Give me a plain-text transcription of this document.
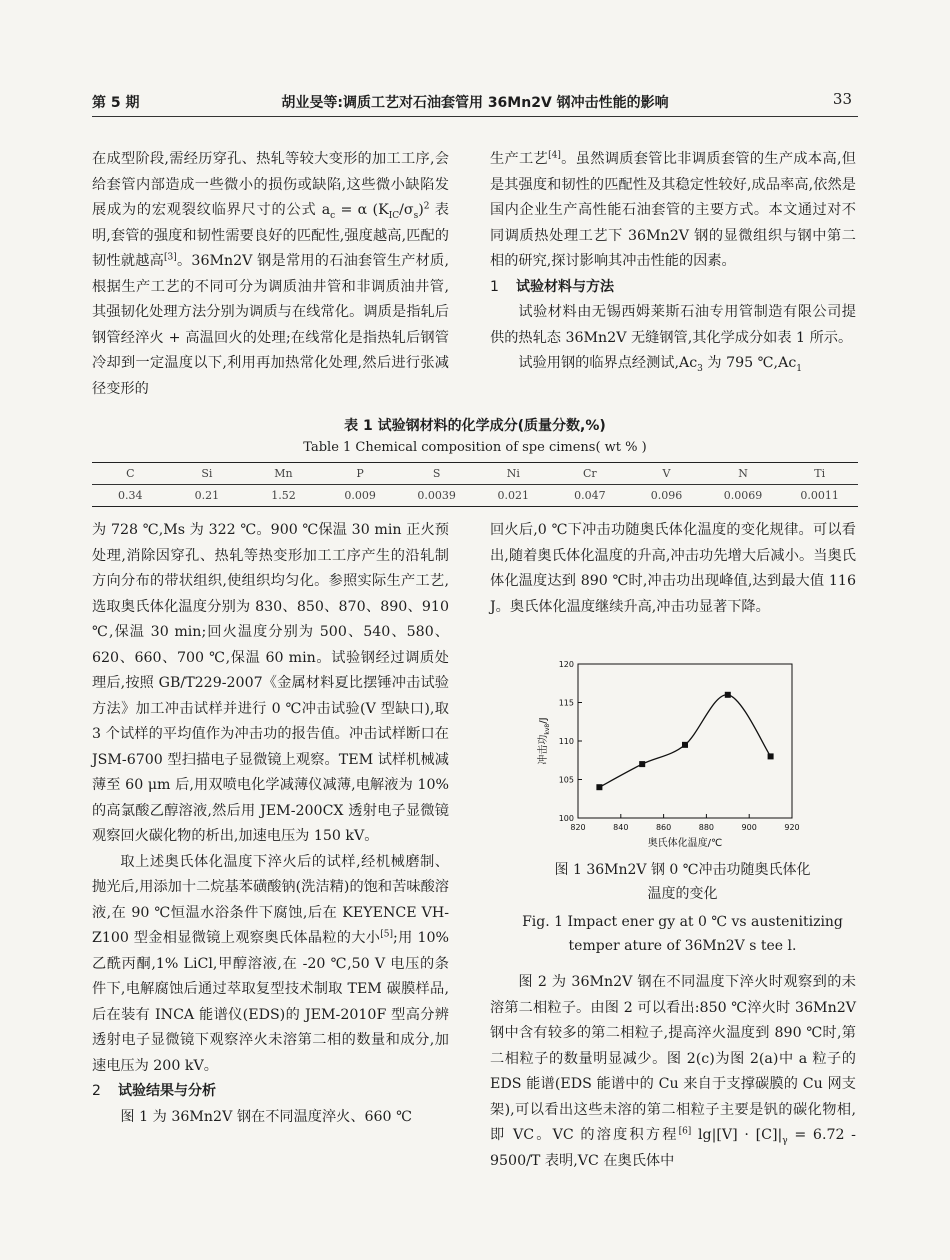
第 5 期	胡业旻等:调质工艺对石油套管用 36Mn2V 钢冲击性能的影响	33

在成型阶段,需经历穿孔、热轧等较大变形的加工工序,会给套管内部造成一些微小的损伤或缺陷,这些微小缺陷发展成为的宏观裂纹临界尺寸的公式 $a_c = \alpha$ $(K_{IC}/\sigma_s)^2$ 表明,套管的强度和韧性需要良好的匹配性,强度越高,匹配的韧性就越高[3]。36Mn2V 钢是常用的石油套管生产材质,根据生产工艺的不同可分为调质油井管和非调质油井管,其强韧化处理方法分别为调质与在线常化。调质是指轧后钢管经淬火 + 高温回火的处理;在线常化是指热轧后钢管冷却到一定温度以下,利用再加热常化处理,然后进行张减径变形的

生产工艺[4]。虽然调质套管比非调质套管的生产成本高,但是其强度和韧性的匹配性及其稳定性较好,成品率高,依然是国内企业生产高性能石油套管的主要方式。本文通过对不同调质热处理工艺下 36Mn2V 钢的显微组织与钢中第二相的研究,探讨影响其冲击性能的因素。

1 试验材料与方法

试验材料由无锡西姆莱斯石油专用管制造有限公司提供的热轧态 36Mn2V 无缝钢管,其化学成分如表 1 所示。

试验用钢的临界点经测试$,Ac_3$ 为 795 $℃,Ac_1$

表 1 试验钢材料的化学成分(质量分数,%)
Table 1 Chemical composition of spe cimens( wt % )
C	Si	Mn	P	S	Ni	Cr	V	N	Ti
0.34	0.21	1.52	0.009	0.0039	0.021	0.047	0.096	0.0069	0.0011

为 728 ℃,Ms 为 322 ℃。900 ℃保温 30 min 正火预处理,消除因穿孔、热轧等热变形加工工序产生的沿轧制方向分布的带状组织,使组织均匀化。参照实际生产工艺,选取奥氏体化温度分别为 830、850、870、890、910 ℃,保温 30 min;回火温度分别为 500、540、580、620、660、700 ℃,保温 60 min。试验钢经过调质处理后,按照 GB/T229-2007《金属材料夏比摆锤冲击试验方法》加工冲击试样并进行 0 ℃冲击试验(V 型缺口),取 3 个试样的平均值作为冲击功的报告值。冲击试样断口在 JSM-6700 型扫描电子显微镜上观察。TEM 试样机械减薄至 60 μm 后,用双喷电化学减薄仪减薄,电解液为 10% 的高氯酸乙醇溶液,然后用 JEM-200CX 透射电子显微镜观察回火碳化物的析出,加速电压为 150 kV。

取上述奥氏体化温度下淬火后的试样,经机械磨制、抛光后,用添加十二烷基苯磺酸钠(洗洁精)的饱和苦味酸溶液,在 90 ℃恒温水浴条件下腐蚀,后在 KEYENCE VH-Z100 型金相显微镜上观察奥氏体晶粒的大小[5];用 10% 乙酰丙酮,1% LiCl,甲醇溶液,在 -20 ℃,50 V 电压的条件下,电解腐蚀后通过萃取复型技术制取 TEM 碳膜样品,后在装有 INCA 能谱仪(EDS)的 JEM-2010F 型高分辨透射电子显微镜下观察淬火未溶第二相的数量和成分,加速电压为 200 kV。

2 试验结果与分析

图 1 为 36Mn2V 钢在不同温度淬火、660 ℃

回火后,0 ℃下冲击功随奥氏体化温度的变化规律。可以看出,随着奥氏体化温度的升高,冲击功先增大后减小。当奥氏体化温度达到 890 ℃时,冲击功出现峰值,达到最大值 116 J。奥氏体化温度继续升高,冲击功显著下降。

820	840	860	880	900	920
100
105
110
115
120
奥氏体化温度/℃
冲击功$_{kv8}$/J
图 1 36Mn2V 钢 0 ℃冲击功随奥氏体化
温度的变化
Fig. 1 Impact ener gy at 0 ℃ vs austenitizing
temper ature of 36Mn2V s tee l.

图 2 为 36Mn2V 钢在不同温度下淬火时观察到的未溶第二相粒子。由图 2 可以看出:850 ℃淬火时 36Mn2V 钢中含有较多的第二相粒子,提高淬火温度到 890 ℃时,第二相粒子的数量明显减少。图 2(c)为图 2(a)中 a 粒子的 EDS 能谱(EDS 能谱中的 Cu 来自于支撑碳膜的 Cu 网支架),可以看出这些未溶的第二相粒子主要是钒的碳化物相,即 VC。VC 的溶度积方程[6] $\lg|[V] \cdot [C]|_\gamma = 6.72 - 9500/T$ 表明,VC 在奥氏体中
